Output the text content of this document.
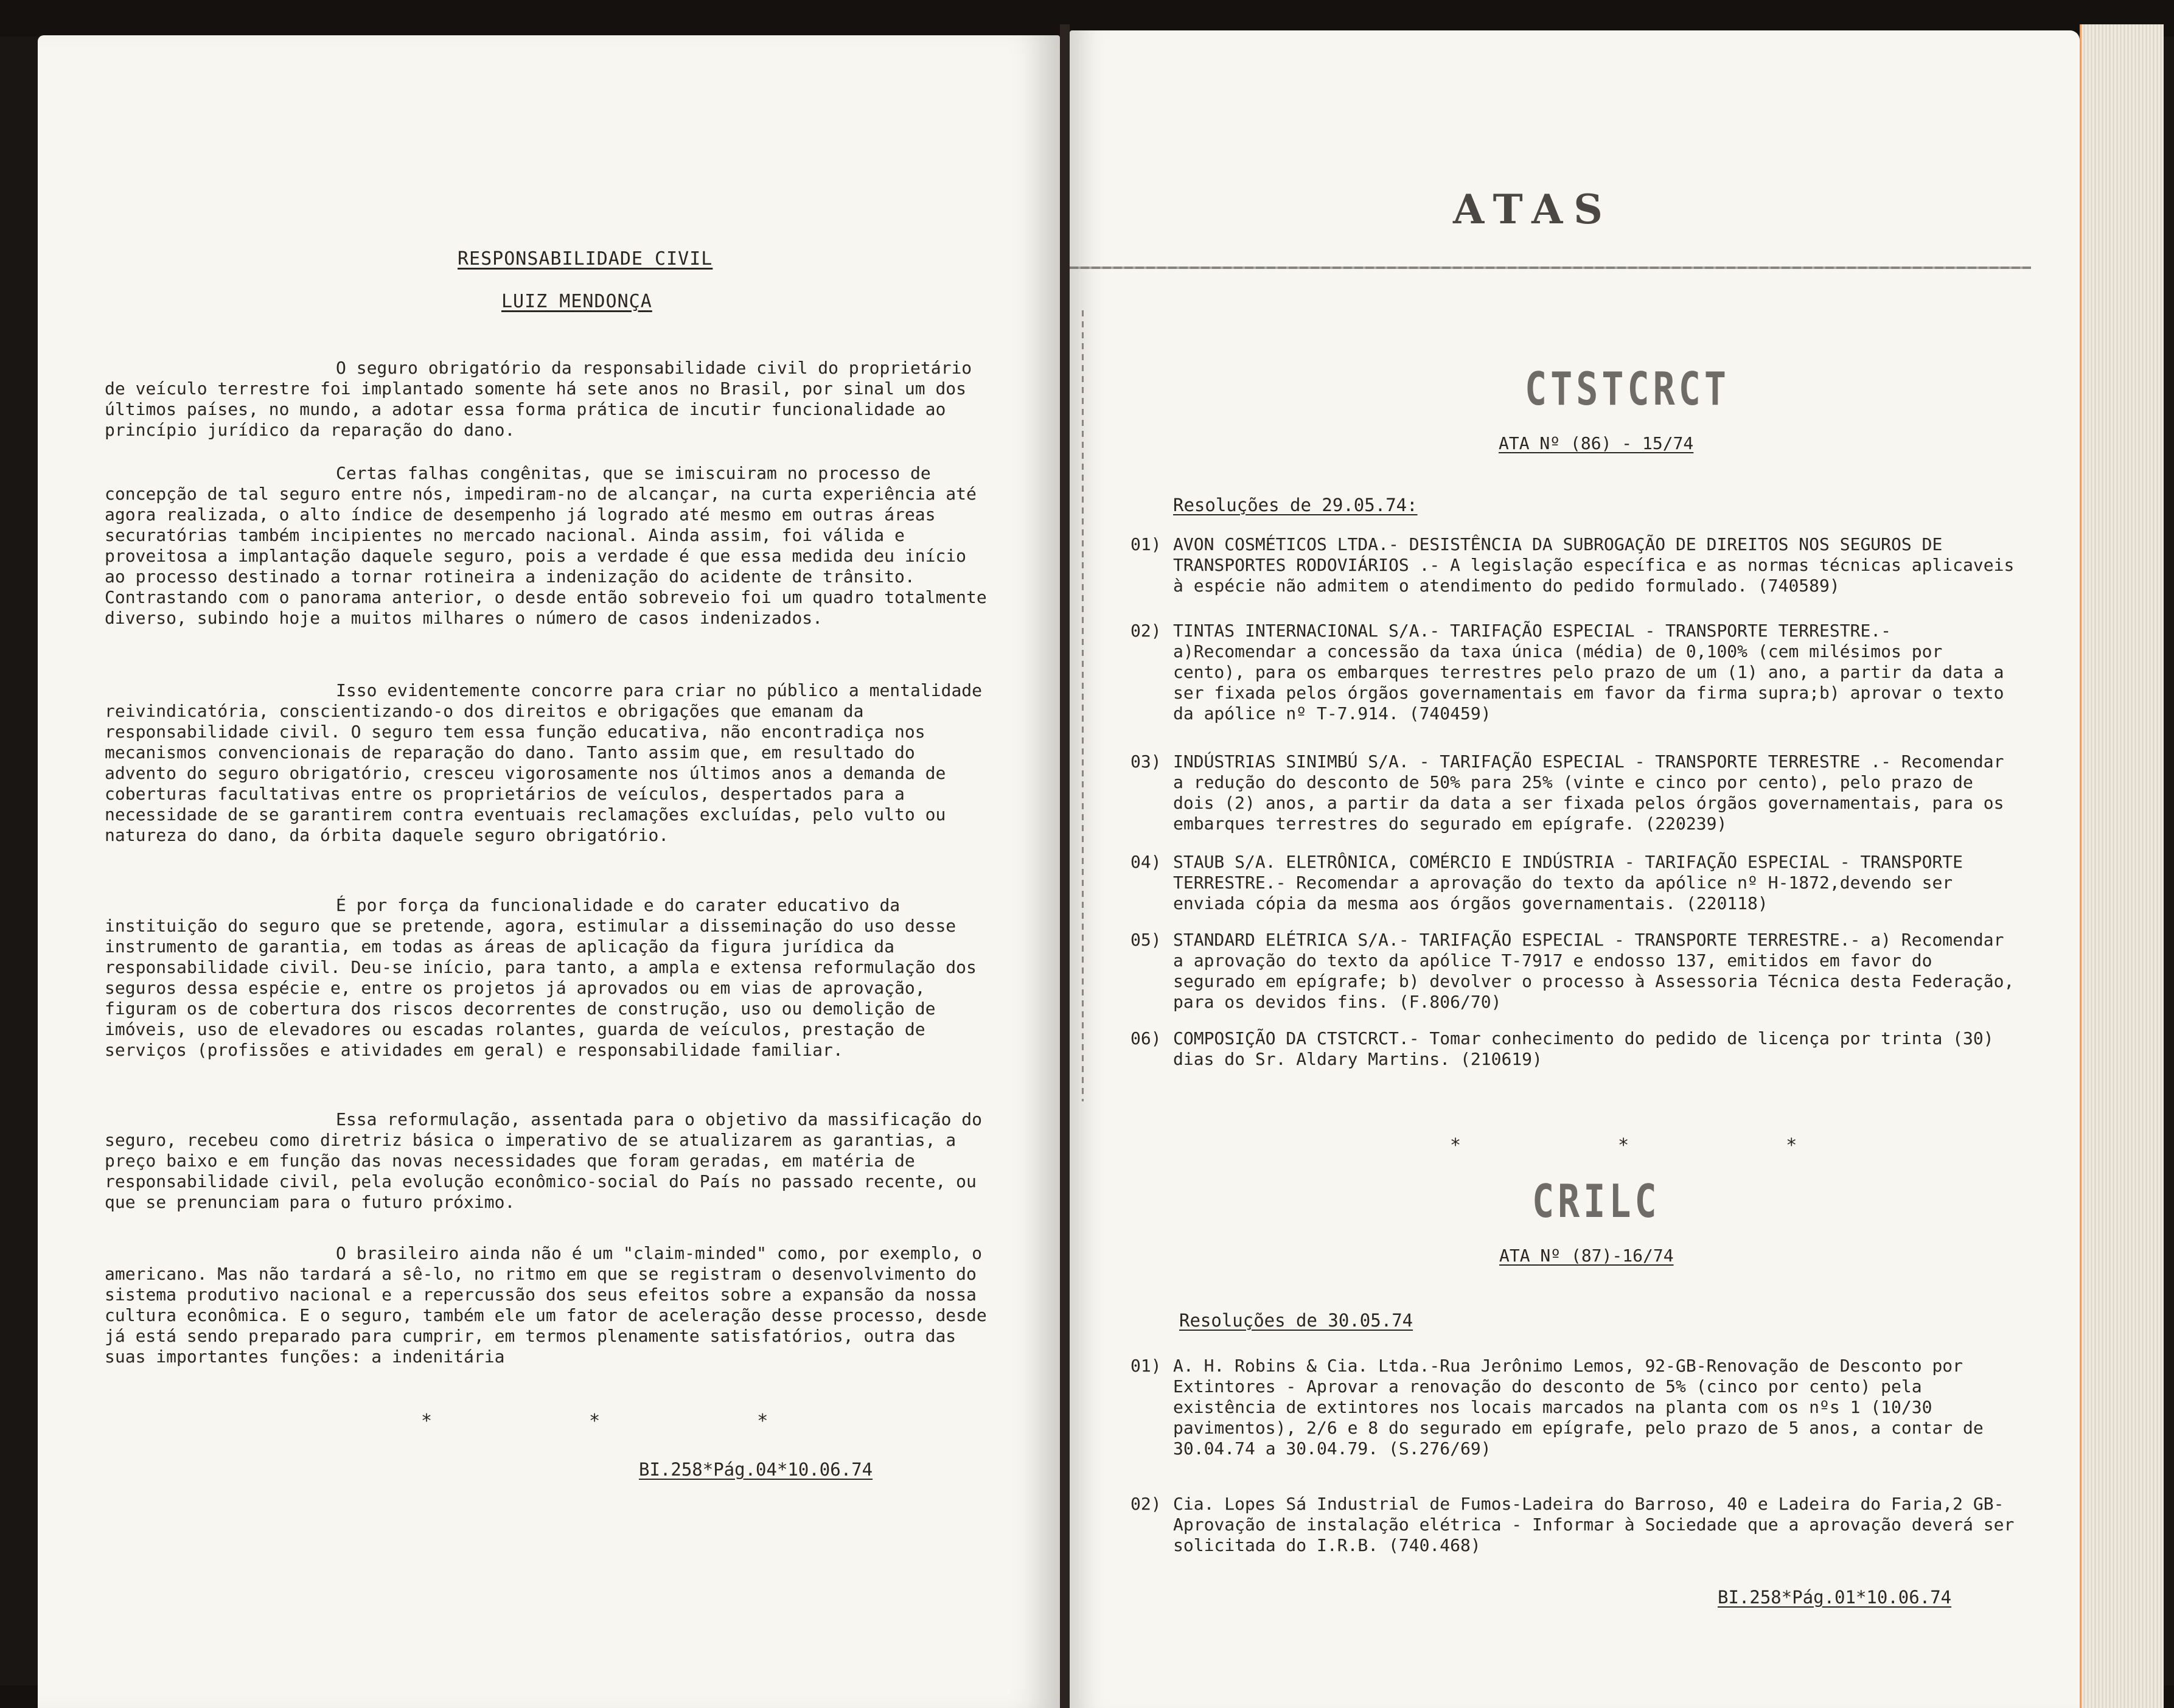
RESPONSABILIDADE CIVIL
LUIZ MENDONÇA

O seguro obrigatório da responsabilidade civil do proprietário de veículo terrestre foi implantado somente há sete anos no Brasil, por sinal um dos últimos países, no mundo, a adotar essa forma prática de incutir funcionalidade ao princípio jurídico da reparação do dano.

Certas falhas congênitas, que se imiscuiram no processo de concepção de tal seguro entre nós, impediram-no de alcançar, na curta experiência até agora realizada, o alto índice de desempenho já logrado até mesmo em outras áreas securatórias também incipientes no mercado nacional. Ainda assim, foi válida e proveitosa a implantação daquele seguro, pois a verdade é que essa medida deu início ao processo destinado a tornar rotineira a indenização do acidente de trânsito. Contrastando com o panorama anterior, o desde então sobreveio foi um quadro totalmente diverso, subindo hoje a muitos milhares o número de casos indenizados.

Isso evidentemente concorre para criar no público a mentalidade reivindicatória, conscientizando-o dos direitos e obrigações que emanam da responsabilidade civil. O seguro tem essa função educativa, não encontradiça nos mecanismos convencionais de reparação do dano. Tanto assim que, em resultado do advento do seguro obrigatório, cresceu vigorosamente nos últimos anos a demanda de coberturas facultativas entre os proprietários de veículos, despertados para a necessidade de se garantirem contra eventuais reclamações excluídas, pelo vulto ou natureza do dano, da órbita daquele seguro obrigatório.

É por força da funcionalidade e do carater educativo da instituição do seguro que se pretende, agora, estimular a disseminação do uso desse instrumento de garantia, em todas as áreas de aplicação da figura jurídica da responsabilidade civil. Deu-se início, para tanto, a ampla e extensa reformulação dos seguros dessa espécie e, entre os projetos já aprovados ou em vias de aprovação, figuram os de cobertura dos riscos decorrentes de construção, uso ou demolição de imóveis, uso de elevadores ou escadas rolantes, guarda de veículos, prestação de serviços (profissões e atividades em geral) e responsabilidade familiar.

Essa reformulação, assentada para o objetivo da massificação do seguro, recebeu como diretriz básica o imperativo de se atualizarem as garantias, a preço baixo e em função das novas necessidades que foram geradas, em matéria de responsabilidade civil, pela evolução econômico-social do País no passado recente, ou que se prenunciam para o futuro próximo.

O brasileiro ainda não é um "claim-minded" como, por exemplo, o americano. Mas não tardará a sê-lo, no ritmo em que se registram o desenvolvimento do sistema produtivo nacional e a repercussão dos seus efeitos sobre a expansão da nossa cultura econômica. E o seguro, também ele um fator de aceleração desse processo, desde já está sendo preparado para cumprir, em termos plenamente satisfatórios, outra das suas importantes funções: a indenitária

* * *
BI.258*Pág.04*10.06.74
ATAS
CTSTCRCT
ATA Nº (86) - 15/74
Resoluções de 29.05.74:
01) AVON COSMÉTICOS LTDA.- DESISTÊNCIA DA SUBROGAÇÃO DE DIREITOS NOS SEGUROS DE TRANSPORTES RODOVIÁRIOS .- A legislação específica e as normas técnicas aplicaveis à espécie não admitem o atendimento do pedido formulado. (740589)
02) TINTAS INTERNACIONAL S/A.- TARIFAÇÃO ESPECIAL - TRANSPORTE TERRESTRE.- a)Recomendar a concessão da taxa única (média) de 0,100% (cem milésimos por cento), para os embarques terrestres pelo prazo de um (1) ano, a partir da data a ser fixada pelos órgãos governamentais em favor da firma supra;b) aprovar o texto da apólice nº T-7.914. (740459)
03) INDÚSTRIAS SINIMBÚ S/A. - TARIFAÇÃO ESPECIAL - TRANSPORTE TERRESTRE .- Recomendar a redução do desconto de 50% para 25% (vinte e cinco por cento), pelo prazo de dois (2) anos, a partir da data a ser fixada pelos órgãos governamentais, para os embarques terrestres do segurado em epígrafe. (220239)
04) STAUB S/A. ELETRÔNICA, COMÉRCIO E INDÚSTRIA - TARIFAÇÃO ESPECIAL - TRANSPORTE TERRESTRE.- Recomendar a aprovação do texto da apólice nº H-1872,devendo ser enviada cópia da mesma aos órgãos governamentais. (220118)
05) STANDARD ELÉTRICA S/A.- TARIFAÇÃO ESPECIAL - TRANSPORTE TERRESTRE.- a) Recomendar a aprovação do texto da apólice T-7917 e endosso 137, emitidos em favor do segurado em epígrafe; b) devolver o processo à Assessoria Técnica desta Federação, para os devidos fins. (F.806/70)
06) COMPOSIÇÃO DA CTSTCRCT.- Tomar conhecimento do pedido de licença por trinta (30) dias do Sr. Aldary Martins. (210619)
* * *
CRILC
ATA Nº (87)-16/74
Resoluções de 30.05.74
01) A. H. Robins & Cia. Ltda.-Rua Jerônimo Lemos, 92-GB-Renovação de Desconto por Extintores - Aprovar a renovação do desconto de 5% (cinco por cento) pela existência de extintores nos locais marcados na planta com os nºs 1 (10/30 pavimentos), 2/6 e 8 do segurado em epígrafe, pelo prazo de 5 anos, a contar de 30.04.74 a 30.04.79. (S.276/69)
02) Cia. Lopes Sá Industrial de Fumos-Ladeira do Barroso, 40 e Ladeira do Faria,2 GB-Aprovação de instalação elétrica - Informar à Sociedade que a aprovação deverá ser solicitada do I.R.B. (740.468)
BI.258*Pág.01*10.06.74
